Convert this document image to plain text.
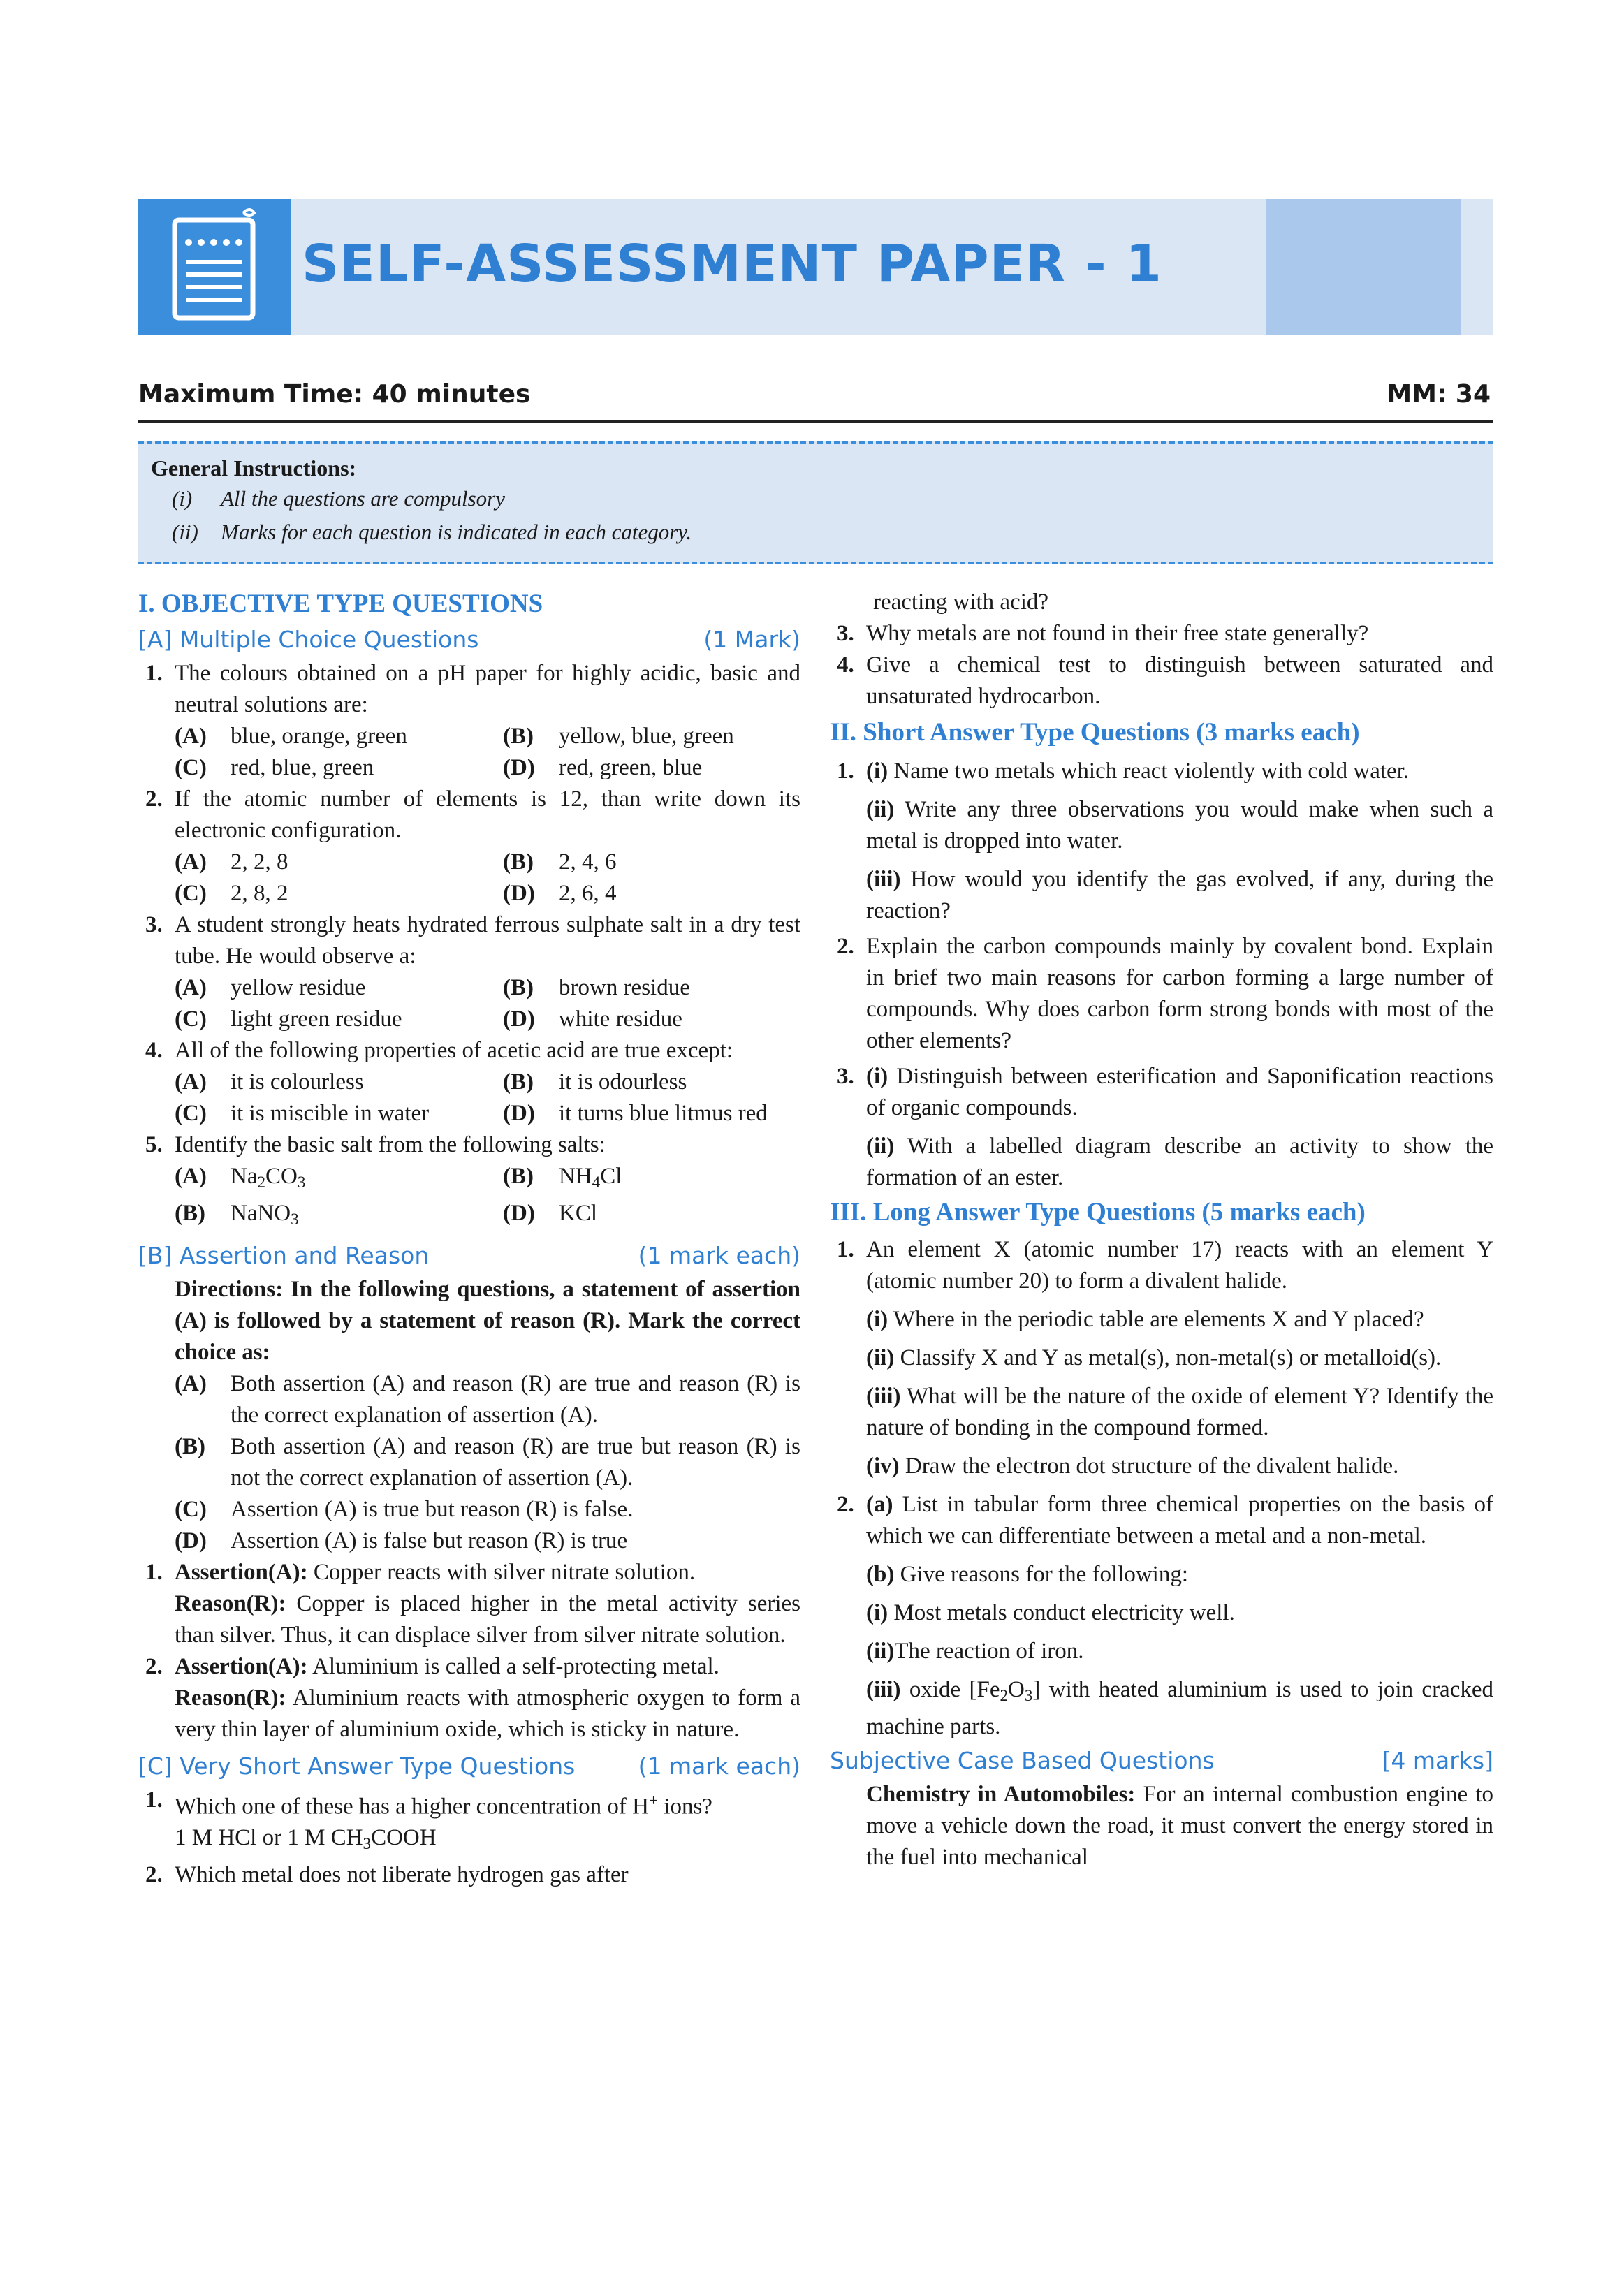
SELF-ASSESSMENT PAPER - 1
Maximum Time: 40 minutes	MM: 34
General Instructions:
(i) All the questions are compulsory
(ii) Marks for each question is indicated in each category.
I. OBJECTIVE TYPE QUESTIONS
[A] Multiple Choice Questions	(1 Mark)
1. The colours obtained on a pH paper for highly acidic, basic and neutral solutions are:
(A) blue, orange, green	(B) yellow, blue, green
(C) red, blue, green	(D) red, green, blue
2. If the atomic number of elements is 12, than write down its electronic configuration.
(A) 2, 2, 8	(B) 2, 4, 6
(C) 2, 8, 2	(D) 2, 6, 4
3. A student strongly heats hydrated ferrous sulphate salt in a dry test tube. He would observe a:
(A) yellow residue	(B) brown residue
(C) light green residue	(D) white residue
4. All of the following properties of acetic acid are true except:
(A) it is colourless	(B) it is odourless
(C) it is miscible in water	(D) it turns blue litmus red
5. Identify the basic salt from the following salts:
(A) $Na_2CO_3$	(B) $NH_4Cl$
(B) NaNO$_3$	(D) KCl
[B] Assertion and Reason	(1 mark each)
Directions: In the following questions, a statement of assertion (A) is followed by a statement of reason (R). Mark the correct choice as:
(A)	Both assertion (A) and reason (R) are true and reason (R) is the correct explanation of assertion (A).
(B)	Both assertion (A) and reason (R) are true but reason (R) is not the correct explanation of assertion (A).
(C)	Assertion (A) is true but reason (R) is false.
(D)	Assertion (A) is false but reason (R) is true
1. Assertion(A): Copper reacts with silver nitrate solution.
Reason(R): Copper is placed higher in the metal activity series than silver. Thus, it can displace silver from silver nitrate solution.
2. Assertion(A): Aluminium is called a self-protecting metal.
Reason(R): Aluminium reacts with atmospheric oxygen to form a very thin layer of aluminium oxide, which is sticky in nature.
[C] Very Short Answer Type Questions	(1 mark each)
1. Which one of these has a higher concentration of H+ ions?
1 M HCl or 1 M $CH_3COOH$
2. Which metal does not liberate hydrogen gas after
reacting with acid?
3. Why metals are not found in their free state generally?
4. Give a chemical test to distinguish between saturated and unsaturated hydrocarbon.
II. Short Answer Type Questions (3 marks each)
1. (i) Name two metals which react violently with cold water.
(ii) Write any three observations you would make when such a metal is dropped into water.
(iii) How would you identify the gas evolved, if any, during the reaction?
2. Explain the carbon compounds mainly by covalent bond. Explain in brief two main reasons for carbon forming a large number of compounds. Why does carbon form strong bonds with most of the other elements?
3. (i) Distinguish between esterification and Saponification reactions of organic compounds.
(ii) With a labelled diagram describe an activity to show the formation of an ester.
III. Long Answer Type Questions (5 marks each)
1. An element X (atomic number 17) reacts with an element Y (atomic number 20) to form a divalent halide.
(i) Where in the periodic table are elements X and Y placed?
(ii) Classify X and Y as metal(s), non-metal(s) or metalloid(s).
(iii) What will be the nature of the oxide of element Y? Identify the nature of bonding in the compound formed.
(iv) Draw the electron dot structure of the divalent halide.
2. (a) List in tabular form three chemical properties on the basis of which we can differentiate between a metal and a non-metal.
(b) Give reasons for the following:
(i) Most metals conduct electricity well.
(ii)The reaction of iron.
(iii) oxide $[Fe_2O_3]$ with heated aluminium is used to join cracked machine parts.
Subjective Case Based Questions	[4 marks]
Chemistry in Automobiles: For an internal combustion engine to move a vehicle down the road, it must convert the energy stored in the fuel into mechanical
